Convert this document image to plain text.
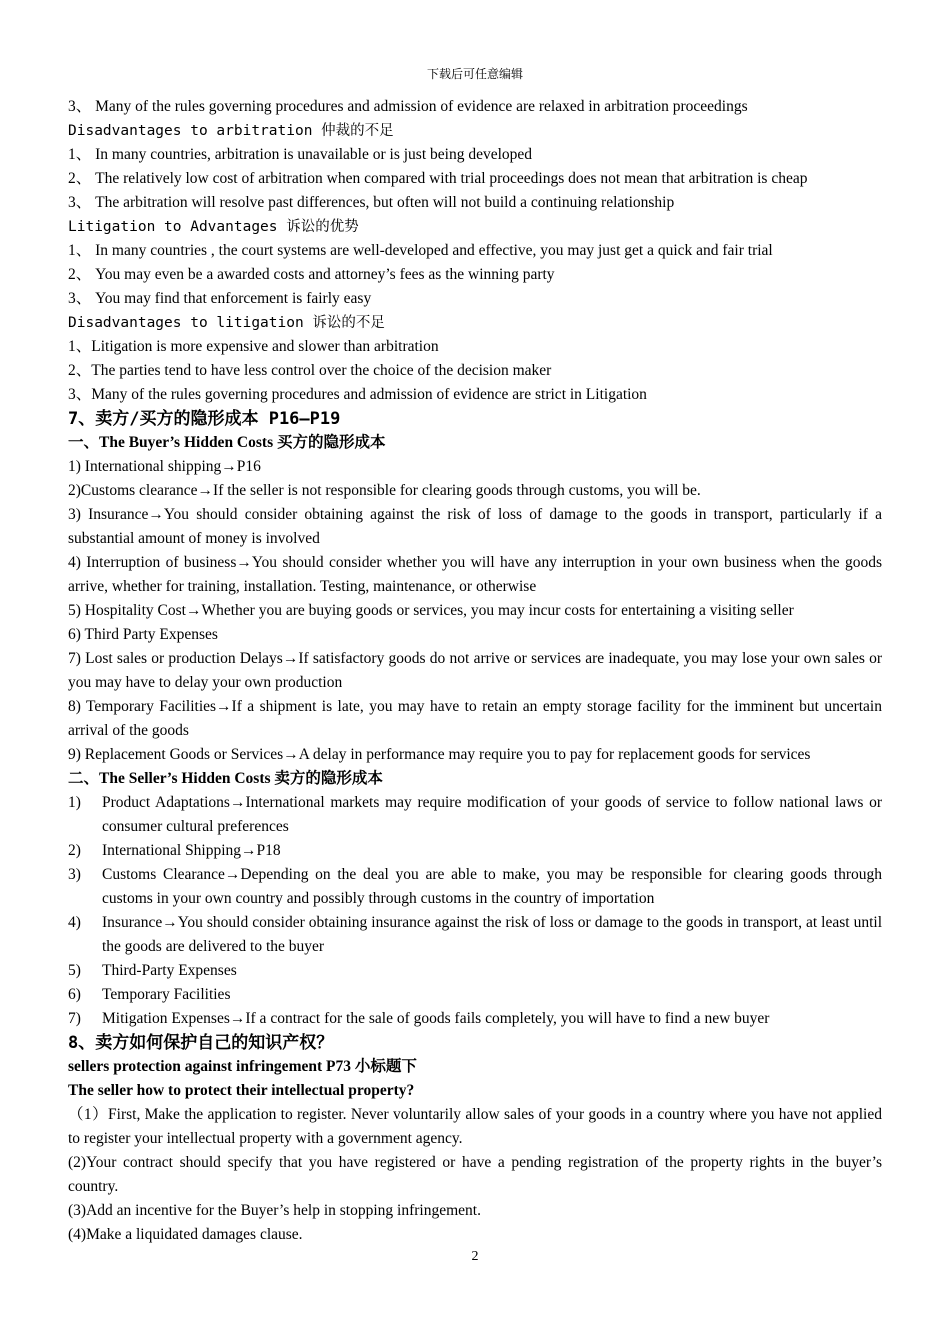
下载后可任意编辑
3、 Many of the rules governing procedures and admission of evidence are relaxed in arbitration proceedings
Disadvantages to arbitration 仲裁的不足
1、 In many countries, arbitration is unavailable or is just being developed
2、 The relatively low cost of arbitration when compared with trial proceedings does not mean that arbitration is cheap
3、 The arbitration will resolve past differences, but often will not build a continuing relationship
Litigation to Advantages 诉讼的优势
1、 In many countries , the court systems are well-developed and effective, you may just get a quick and fair trial
2、 You may even be a awarded costs and attorney’s fees as the winning party
3、 You may find that enforcement is fairly easy
Disadvantages to litigation 诉讼的不足
1、Litigation is more expensive and slower than arbitration
2、The parties tend to have less control over the choice of the decision maker
3、Many of the rules governing procedures and admission of evidence are strict in Litigation
7、卖方/买方的隐形成本 P16—P19
一、The Buyer’s Hidden Costs 买方的隐形成本
1) International shipping→P16
2)Customs clearance→If the seller is not responsible for clearing goods through customs, you will be.
3) Insurance→You should consider obtaining against the risk of loss of damage to the goods in transport, particularly if a substantial amount of money is involved
4) Interruption of business→You should consider whether you will have any interruption in your own business when the goods arrive, whether for training, installation. Testing, maintenance, or otherwise
5) Hospitality Cost→Whether you are buying goods or services, you may incur costs for entertaining a visiting seller
6) Third Party Expenses
7) Lost sales or production Delays→If satisfactory goods do not arrive or services are inadequate, you may lose your own sales or you may have to delay your own production
8) Temporary Facilities→If a shipment is late, you may have to retain an empty storage facility for the imminent but uncertain arrival of the goods
9) Replacement Goods or Services→A delay in performance may require you to pay for replacement goods for services
二、The Seller’s Hidden Costs 卖方的隐形成本
1) Product Adaptations→International markets may require modification of your goods of service to follow national laws or consumer cultural preferences
2) International Shipping→P18
3) Customs Clearance→Depending on the deal you are able to make, you may be responsible for clearing goods through customs in your own country and possibly through customs in the country of importation
4) Insurance→You should consider obtaining insurance against the risk of loss or damage to the goods in transport, at least until the goods are delivered to the buyer
5) Third-Party Expenses
6) Temporary Facilities
7) Mitigation Expenses→If a contract for the sale of goods fails completely, you will have to find a new buyer
8、卖方如何保护自己的知识产权？
sellers protection against infringement P73 小标题下
The seller how to protect their intellectual property?
（1）First, Make the application to register. Never voluntarily allow sales of your goods in a country where you have not applied to register your intellectual property with a government agency.
(2)Your contract should specify that you have registered or have a pending registration of the property rights in the buyer’s country.
(3)Add an incentive for the Buyer’s help in stopping infringement.
(4)Make a liquidated damages clause.
2
